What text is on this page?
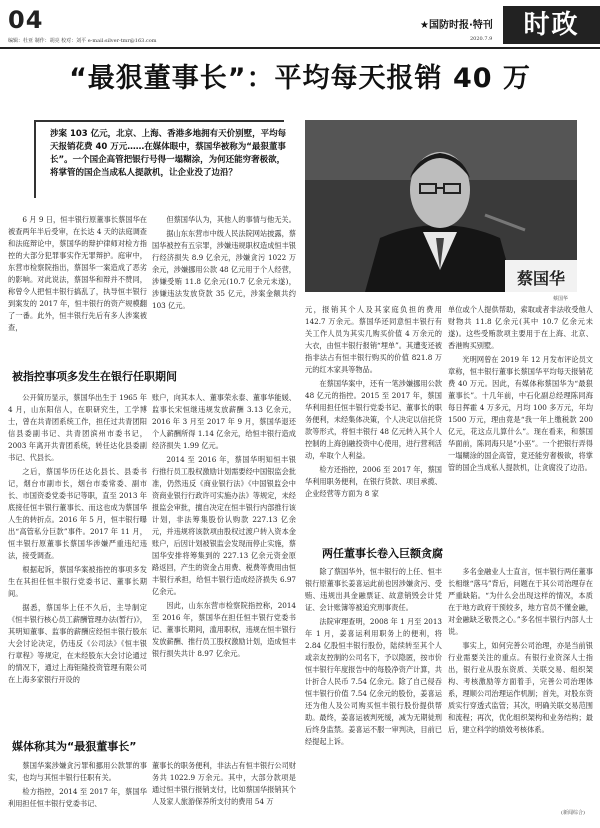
04
编辑：杜亚 制作：胡亮 校对：刘平 e-mail:silver-tmr@163.com
★国防时报·特刊
2020.7.9	时政
“最狠董事长”：平均每天报销 40 万
涉案 103 亿元，北京、上海、香港多地拥有天价别墅，平均每天报销花费 40 万元……在媒体眼中，蔡国华被称为“最狠董事长”。一个国企高管把银行号得一塌糊涂，为何还能穷奢极欲，将掌管的国企当成私人提款机，让企业没了边沿？
蔡国华
蔡国华

6 月 9 日，恒丰银行原董事长蔡国华在被查两年半后受审，在长达 4 天的法庭调查和法庭辩论中，蔡国华的辩护律师对检方指控的大部分犯罪事实作无罪辩护。庭审中，东营市检察院指出，蔡国华一案造成了恶劣的影响。对此说法，蔡国华和辩并不赞同，称曾令人把恒丰银行搞乱了，执导恒丰银行到案发的 2017 年，恒丰银行的资产规模翻了一番。此外，恒丰银行先后有多人涉案被查，

但蔡国华认为，其他人的事情与他无关。

据山东东营市中级人民法院网站披露，蔡国华被控有五宗罪，涉嫌违规职权造成恒丰银行经济损失 8.9 亿余元，涉嫌贪污 1022 万余元，涉嫌挪用公款 48 亿元用于个人经营，涉嫌受贿 11.8 亿余元(10.7 亿余元未遂)，涉嫌违法发放贷款 35 亿元，涉案金额共约 103 亿元。

被指控事项多发生在银行任职期间

公开简历显示，蔡国华出生于 1965 年 4 月，山东阳信人，在职研究生，工学博士，曾在共青团系统工作，担任过共青团阳信县委副书记、共青团滨州市委书记，2003 年离开共青团系统，转任达化县委副书记、代县长。

之后，蔡国华历任达化县长、县委书记，烟台市副市长，烟台市委常委、副市长、市国资委党委书记等职，直至 2013 年底接任恒丰银行董事长、而这也成为蔡国华人生的转折点。2016 年 5 月，恒丰银行曝出“高管私分巨款”事件。2017 年 11 月，恒丰银行原董事长蔡国华涉嫌严重违纪违法，接受调查。

根据起诉，蔡国华案被指控的事项多发生在其担任恒丰银行党委书记、董事长期间。

据悉，蔡国华上任不久后，主导制定《恒丰银行核心员工薪酬管理办法(暂行)》，其明知董事、监事的薪酬应经恒丰银行股东大会讨论决定，仍违反《公司法》《恒丰银行章程》等规定，在未经股东大会讨论通过的情况下，通过上海钜隆投资管理有限公司在上海多家银行开设的

账户，向其本人、董事荣永泰、董事华能媛、监事长宋恒继违规发放薪酬 3.13 亿余元，2016 年 3 月至 2017 年 9 月，蔡国华退还个人薪酬所得 1.14 亿余元，给恒丰银行造成经济损失 1.99 亿元。

2014 至 2016 年，蔡国华明知恒丰银行推行员工股权激励计划需要经中国银监会批准，仍然违反《商业银行法》《中国银监会中资商业银行行政许可实施办法》等规定，未经报监会审批，擅自决定在恒丰银行内部推行该计划，非法筹集股份认购款 227.13 亿余元，并违规将该款项由股权过渡户转入资本金账户，后因计划被银监会发现而停止实施，蔡国华安排将筹集到的 227.13 亿余元资金原路返回，产生的资金占用费、税费等费用由恒丰银行承担，给恒丰银行造成经济损失 6.97 亿余元。

因此，山东东营市检察院指控称，2014 至 2016 年，蔡国华在担任恒丰银行党委书记、董事长期间，滥用职权，违规在恒丰银行发放薪酬、推行员工股权激励计划，造成恒丰银行损失共计 8.97 亿余元。

媒体称其为“最狠董事长”

蔡国华案涉嫌贪污罪和挪用公款罪的事实，也均与其恒丰银行任职有关。

检方指控，2014 至 2017 年，蔡国华利用担任恒丰银行党委书记、

董事长的职务便利，非法占有恒丰银行公司财务共 1022.9 万余元。其中，大部分款项是通过恒丰银行报销支付，比如蔡国华报销其个人及家人旅游保养所支付的费用 54 万

元，报销其个人及其家庭负担的费用 142.7 万余元。蔡国华还同意恒丰银行有关工作人员为其实几购买价值 4 万余元的大衣，由恒丰银行报销“埋单”。其遭变还被指非法占有恒丰银行购买的价值 821.8 万元的红木家具等物品。

在蔡国华案中，还有一笔涉嫌挪用公款 48 亿元的指控。2015 至 2017 年，蔡国华利用担任恒丰银行党委书记、董事长的职务便利，未经集体决策，个人决定以信托贷款等形式，将恒丰银行 48 亿元转入其个人控制的上海创融投资中心使用，进行营利活动，牟取个人利益。

检方还指控，2006 至 2017 年，蔡国华利用职务便利，在银行贷款、项目承揽、企业经营等方面为 8 家

单位或个人提供帮助，索取或者非法收受他人财物共 11.8 亿余元(其中 10.7 亿余元未遂)。这些受贿款项主要用于在上海、北京、香港购买别墅。

光明网曾在 2019 年 12 月发布评论员文章称，恒丰银行董事长蔡国华平均每天报销花费 40 万元。因此，有媒体称蔡国华为“最狠董事长”。十几年前，中石化副总经理陈同海每日挥霍 4 万多元，月均 100 多万元，年均 1500 万元，理由竟是“我一年上缴税款 200 亿元，花这点儿算什么”。现在看来，和蔡国华面前，陈同海只是“小巫”。一个把银行弄得一塌糊涂的国企高管，竟还能穷奢极欲，将掌管的国企当成私人提款机，让贪腐没了边沿。

两任董事长卷入巨额贪腐

除了蔡国华外，恒丰银行的上任、恒丰银行原董事长姜喜运此前也因涉嫌贪污、受贿、违规出具金融票证、故意销毁会计凭证、会计账簿等被追究刑事责任。

法院审理查明，2008 年 1 月至 2013 年 1 月，姜喜运利用职务上的便利，将 2.84 亿股恒丰银行股份，陆续转至其个人或亲友控制的公司名下，予以隐匿，按市价恒丰银行年度报告中的每股净资产计算，共计折合人民币 7.54 亿余元。除了自己侵吞恒丰银行价值 7.54 亿余元的股份，姜喜运还为他人及公司购买恒丰银行股份提供帮助。最终，姜喜运被判死缓，减为无期徒刑后终身监禁。姜喜运不服一审判决，目前已经提起上诉。

多名金融业人士直言，恒丰银行两任董事长相继“落马”背后，问题在于其公司治理存在严重缺陷。“为什么会出现这样的情况，本质在于地方政府干预较多，地方官员不懂金融，对金融缺乏敬畏之心。”多名恒丰银行内部人士说。

事实上，如何完善公司治理，亦是当前银行业需要关注的重点。有银行业资深人士指出，银行业从股东资质、关联交易、组织架构、考核激励等方面着手，完善公司治理体系，理顺公司治理运作机制；首先，对股东资质实行穿透式监管；其次，明确关联交易范围和流程；再次，优化组织架构和业务结构；最后，建立科学的绩效考核体系。

(新闻综合)
